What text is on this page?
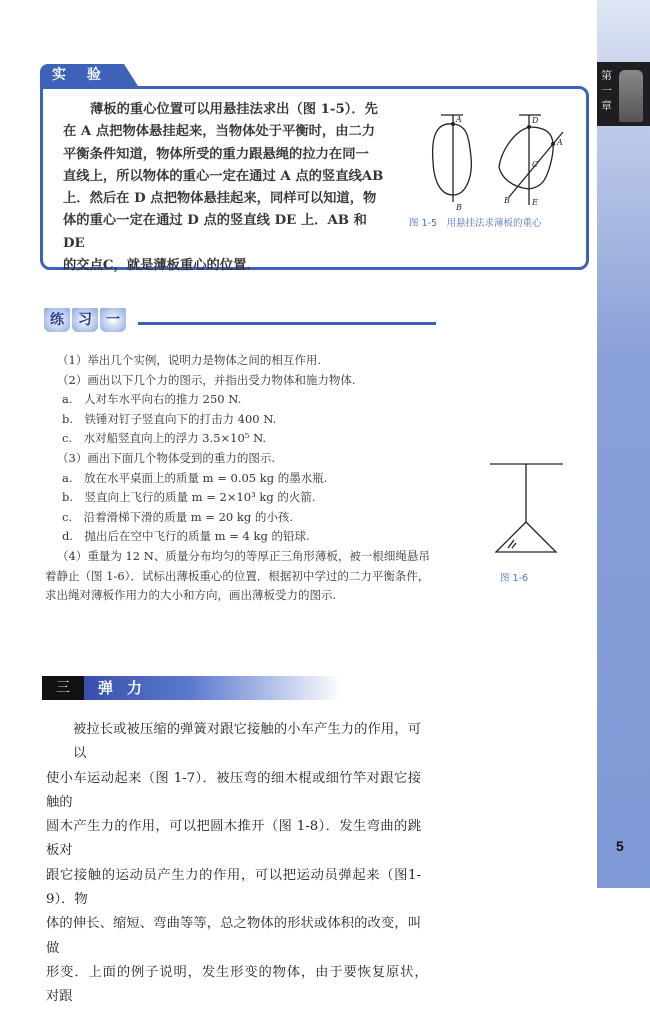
第一章
5
实 验
薄板的重心位置可以用悬挂法求出（图 1-5）．先
在 A 点把物体悬挂起来，当物体处于平衡时，由二力
平衡条件知道，物体所受的重力跟悬绳的拉力在同一
直线上，所以物体的重心一定在通过 A 点的竖直线AB
上．然后在 D 点把物体悬挂起来，同样可以知道，物
体的重心一定在通过 D 点的竖直线 DE 上．AB 和 DE
的交点C，就是薄板重心的位置．
A
B
D
A
C
B	E
图 1-5　用悬挂法求薄板的重心
练	习	一
（1）举出几个实例，说明力是物体之间的相互作用.
（2）画出以下几个力的图示，并指出受力物体和施力物体.
a.　人对车水平向右的推力 250 N.
b.　铁锤对钉子竖直向下的打击力 400 N.
c.　水对船竖直向上的浮力 3.5×10⁵ N.
（3）画出下面几个物体受到的重力的图示.
a.　放在水平桌面上的质量 m = 0.05 kg 的墨水瓶.
b.　竖直向上飞行的质量 m = 2×10³ kg 的火箭.
c.　沿着滑梯下滑的质量 m = 20 kg 的小孩.
d.　抛出后在空中飞行的质量 m = 4 kg 的铅球.
（4）重量为 12 N、质量分布均匀的等厚正三角形薄板，被一根细绳悬吊
着静止（图 1-6）．试标出薄板重心的位置．根据初中学过的二力平衡条件，
求出绳对薄板作用力的大小和方向，画出薄板受力的图示.
图 1-6
三	弹力
被拉长或被压缩的弹簧对跟它接触的小车产生力的作用，可以
使小车运动起来（图 1-7）．被压弯的细木棍或细竹竿对跟它接触的
圆木产生力的作用，可以把圆木推开（图 1-8）．发生弯曲的跳板对
跟它接触的运动员产生力的作用，可以把运动员弹起来（图1-9）．物
体的伸长、缩短、弯曲等等，总之物体的形状或体积的改变，叫做
形变．上面的例子说明，发生形变的物体，由于要恢复原状，　对跟
